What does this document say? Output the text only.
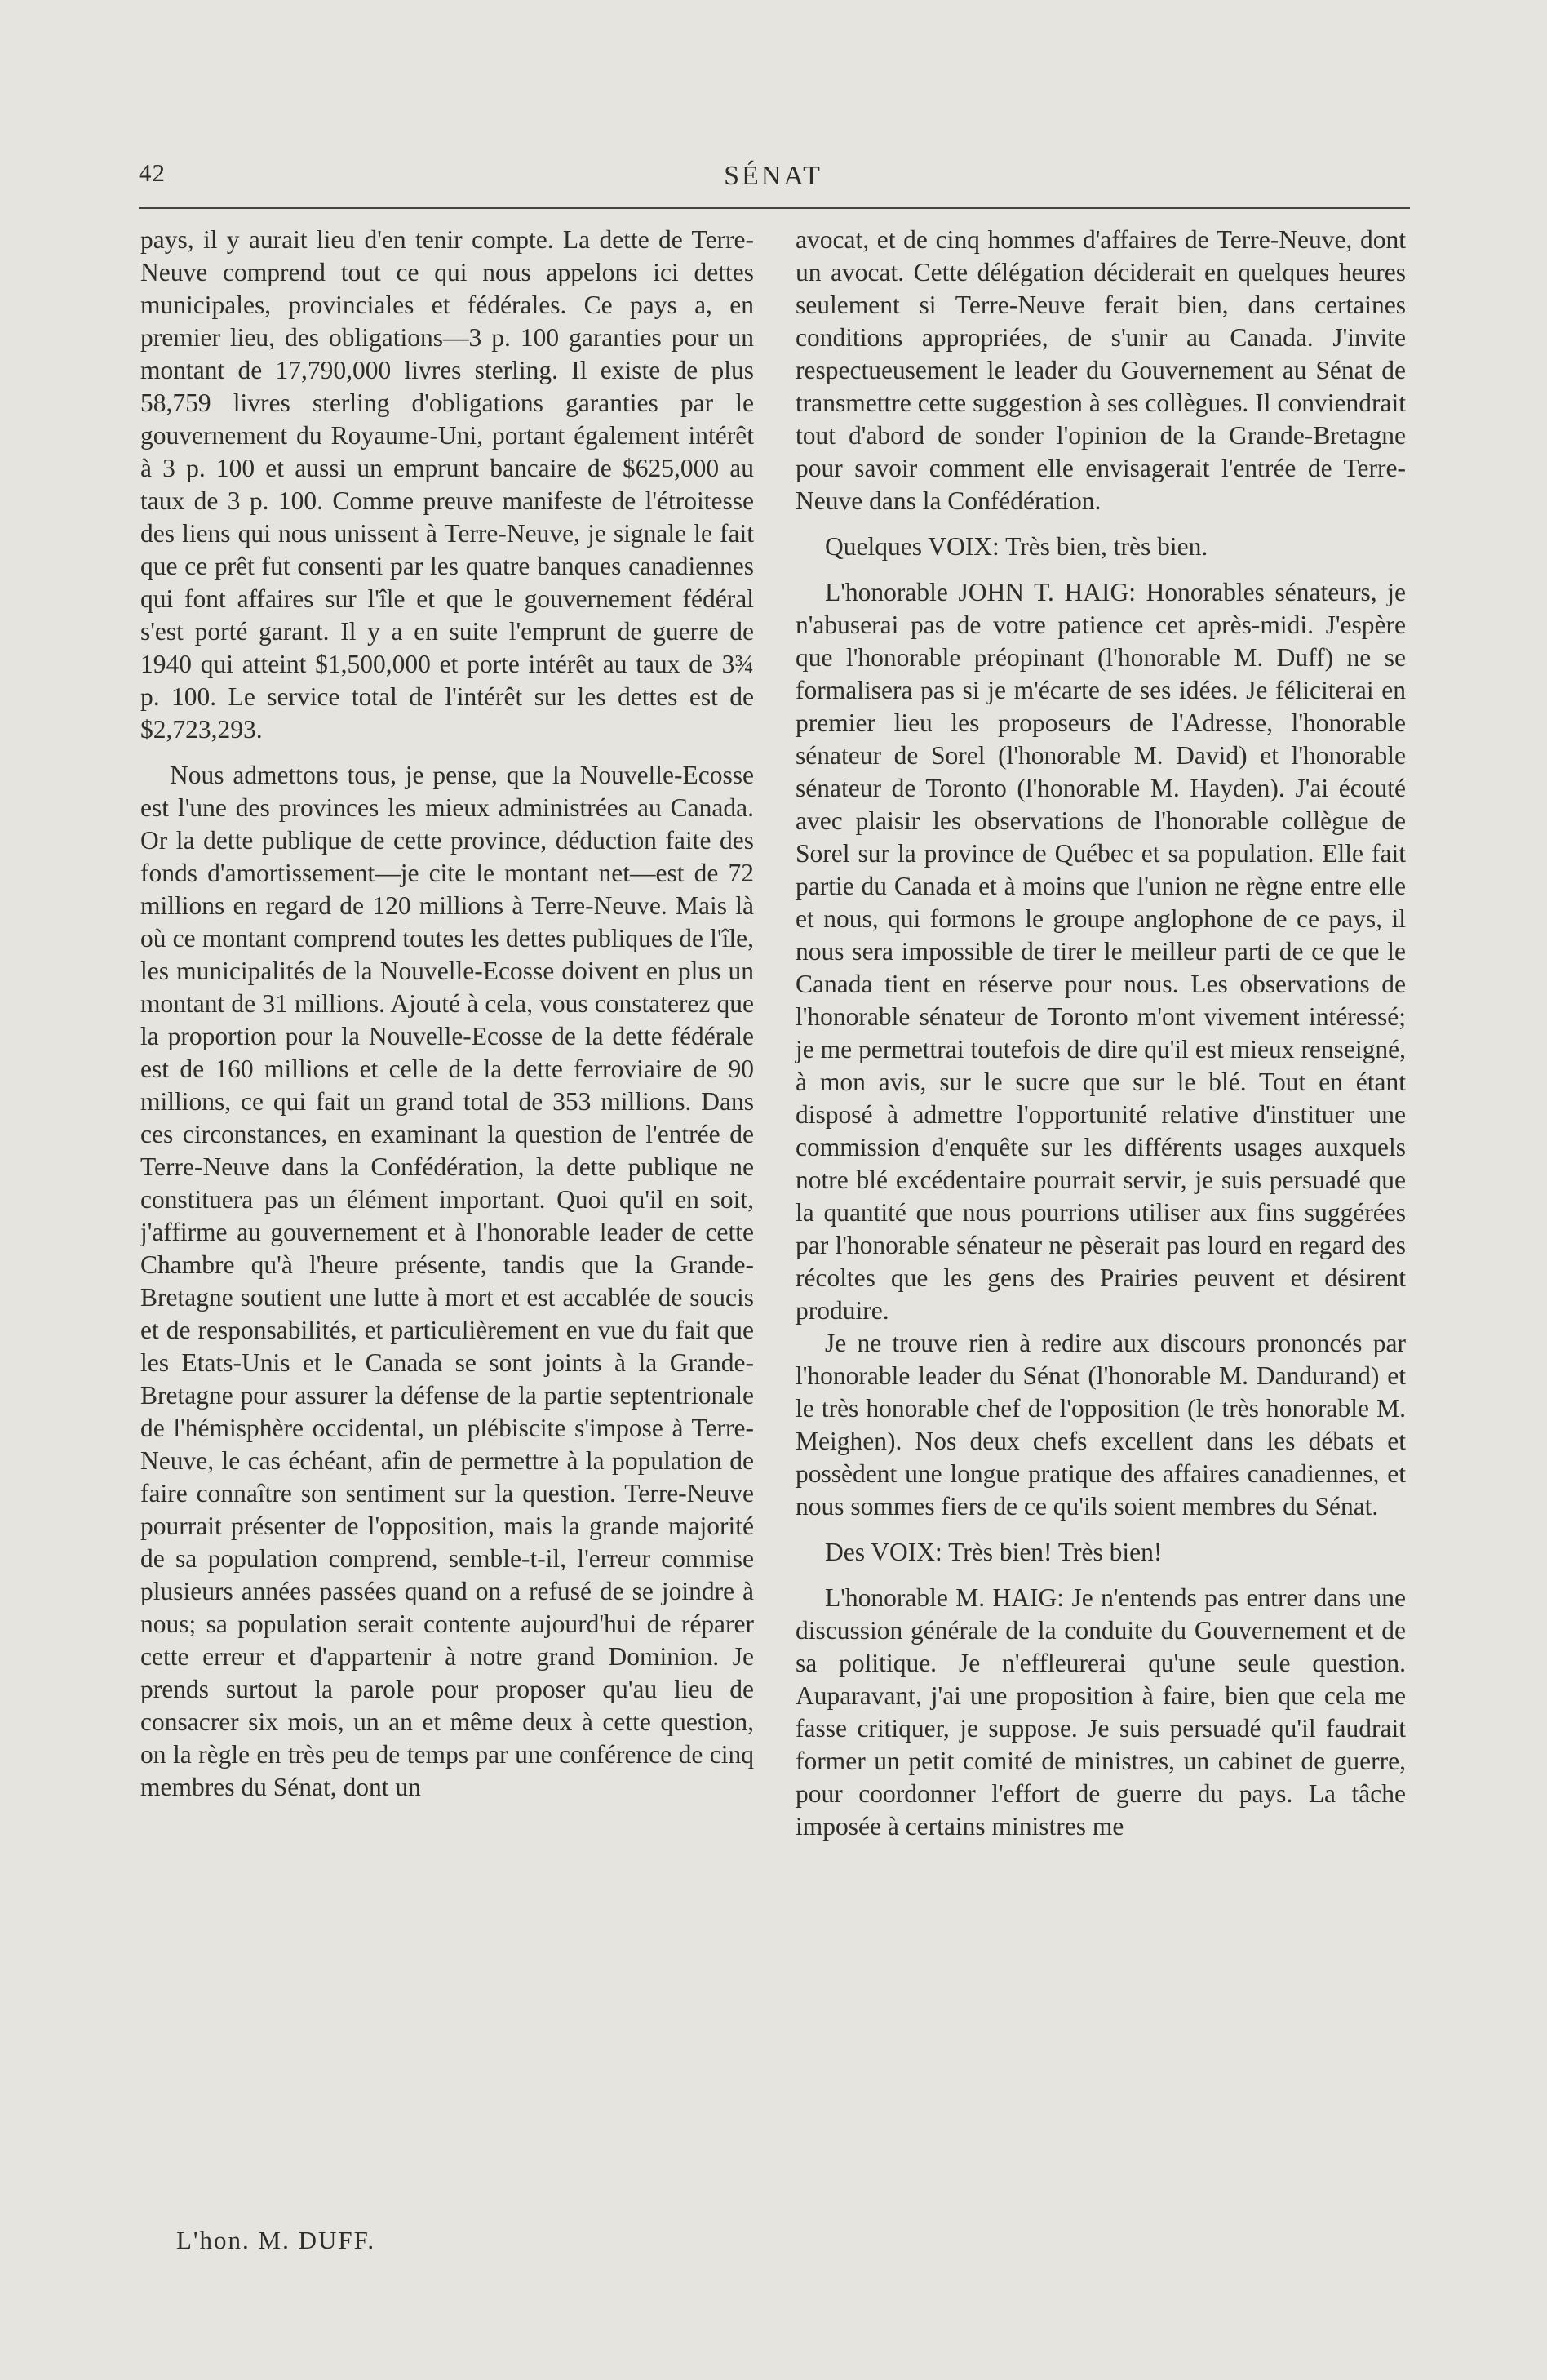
42	SÉNAT

pays, il y aurait lieu d'en tenir compte. La dette de Terre-Neuve comprend tout ce qui nous appelons ici dettes municipales, provinciales et fédérales. Ce pays a, en premier lieu, des obligations—3 p. 100 garanties pour un montant de 17,790,000 livres sterling. Il existe de plus 58,759 livres sterling d'obligations garanties par le gouvernement du Royaume-Uni, portant également intérêt à 3 p. 100 et aussi un emprunt bancaire de $625,000 au taux de 3 p. 100. Comme preuve manifeste de l'étroitesse des liens qui nous unissent à Terre-Neuve, je signale le fait que ce prêt fut consenti par les quatre banques canadiennes qui font affaires sur l'île et que le gouvernement fédéral s'est porté garant. Il y a en suite l'emprunt de guerre de 1940 qui atteint $1,500,000 et porte intérêt au taux de 3¾ p. 100. Le service total de l'intérêt sur les dettes est de $2,723,293.

Nous admettons tous, je pense, que la Nouvelle-Ecosse est l'une des provinces les mieux administrées au Canada. Or la dette publique de cette province, déduction faite des fonds d'amortissement—je cite le montant net—est de 72 millions en regard de 120 millions à Terre-Neuve. Mais là où ce montant comprend toutes les dettes publiques de l'île, les municipalités de la Nouvelle-Ecosse doivent en plus un montant de 31 millions. Ajouté à cela, vous constaterez que la proportion pour la Nouvelle-Ecosse de la dette fédérale est de 160 millions et celle de la dette ferroviaire de 90 millions, ce qui fait un grand total de 353 millions. Dans ces circonstances, en examinant la question de l'entrée de Terre-Neuve dans la Confédération, la dette publique ne constituera pas un élément important. Quoi qu'il en soit, j'affirme au gouvernement et à l'honorable leader de cette Chambre qu'à l'heure présente, tandis que la Grande-Bretagne soutient une lutte à mort et est accablée de soucis et de responsabilités, et particulièrement en vue du fait que les Etats-Unis et le Canada se sont joints à la Grande-Bretagne pour assurer la défense de la partie septentrionale de l'hémisphère occidental, un plébiscite s'impose à Terre-Neuve, le cas échéant, afin de permettre à la population de faire connaître son sentiment sur la question. Terre-Neuve pourrait présenter de l'opposition, mais la grande majorité de sa population comprend, semble-t-il, l'erreur commise plusieurs années passées quand on a refusé de se joindre à nous; sa population serait contente aujourd'hui de réparer cette erreur et d'appartenir à notre grand Dominion. Je prends surtout la parole pour proposer qu'au lieu de consacrer six mois, un an et même deux à cette question, on la règle en très peu de temps par une conférence de cinq membres du Sénat, dont un

avocat, et de cinq hommes d'affaires de Terre-Neuve, dont un avocat. Cette délégation déciderait en quelques heures seulement si Terre-Neuve ferait bien, dans certaines conditions appropriées, de s'unir au Canada. J'invite respectueusement le leader du Gouvernement au Sénat de transmettre cette suggestion à ses collègues. Il conviendrait tout d'abord de sonder l'opinion de la Grande-Bretagne pour savoir comment elle envisagerait l'entrée de Terre-Neuve dans la Confédération.

Quelques VOIX: Très bien, très bien.

L'honorable JOHN T. HAIG: Honorables sénateurs, je n'abuserai pas de votre patience cet après-midi. J'espère que l'honorable préopinant (l'honorable M. Duff) ne se formalisera pas si je m'écarte de ses idées. Je féliciterai en premier lieu les proposeurs de l'Adresse, l'honorable sénateur de Sorel (l'honorable M. David) et l'honorable sénateur de Toronto (l'honorable M. Hayden). J'ai écouté avec plaisir les observations de l'honorable collègue de Sorel sur la province de Québec et sa population. Elle fait partie du Canada et à moins que l'union ne règne entre elle et nous, qui formons le groupe anglophone de ce pays, il nous sera impossible de tirer le meilleur parti de ce que le Canada tient en réserve pour nous. Les observations de l'honorable sénateur de Toronto m'ont vivement intéressé; je me permettrai toutefois de dire qu'il est mieux renseigné, à mon avis, sur le sucre que sur le blé. Tout en étant disposé à admettre l'opportunité relative d'instituer une commission d'enquête sur les différents usages auxquels notre blé excédentaire pourrait servir, je suis persuadé que la quantité que nous pourrions utiliser aux fins suggérées par l'honorable sénateur ne pèserait pas lourd en regard des récoltes que les gens des Prairies peuvent et désirent produire.

Je ne trouve rien à redire aux discours prononcés par l'honorable leader du Sénat (l'honorable M. Dandurand) et le très honorable chef de l'opposition (le très honorable M. Meighen). Nos deux chefs excellent dans les débats et possèdent une longue pratique des affaires canadiennes, et nous sommes fiers de ce qu'ils soient membres du Sénat.

Des VOIX: Très bien! Très bien!

L'honorable M. HAIG: Je n'entends pas entrer dans une discussion générale de la conduite du Gouvernement et de sa politique. Je n'effleurerai qu'une seule question. Auparavant, j'ai une proposition à faire, bien que cela me fasse critiquer, je suppose. Je suis persuadé qu'il faudrait former un petit comité de ministres, un cabinet de guerre, pour coordonner l'effort de guerre du pays. La tâche imposée à certains ministres me

L'hon. M. DUFF.
